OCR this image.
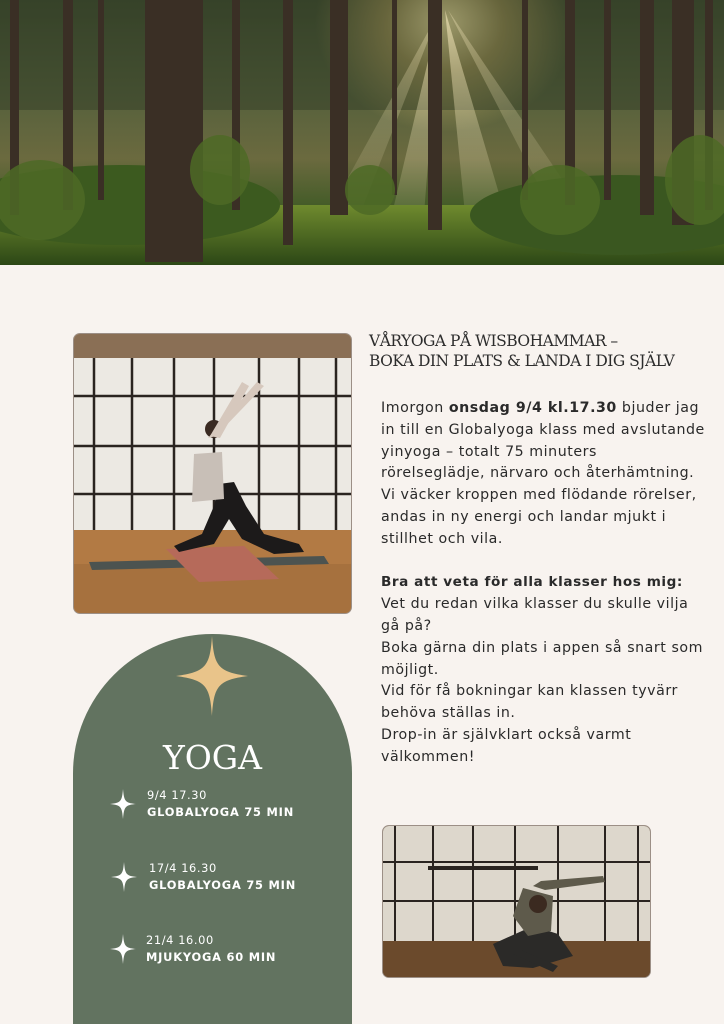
VÅRYOGA PÅ WISBOHAMMAR –
BOKA DIN PLATS & LANDA I DIG SJÄLV

Imorgon onsdag 9/4 kl.17.30 bjuder jag in till en Globalyoga klass med avslutande yinyoga – totalt 75 minuters rörelseglädje, närvaro och återhämtning.

Vi väcker kroppen med flödande rörelser, andas in ny energi och landar mjukt i stillhet och vila.

Bra att veta för alla klasser hos mig:

Vet du redan vilka klasser du skulle vilja gå på?

Boka gärna din plats i appen så snart som möjligt.

Vid för få bokningar kan klassen tyvärr behöva ställas in.

Drop-in är självklart också varmt välkommen!

YOGA
9/4 17.30
GLOBALYOGA 75 MIN
17/4 16.30
GLOBALYOGA 75 MIN
21/4 16.00
MJUKYOGA 60 MIN
